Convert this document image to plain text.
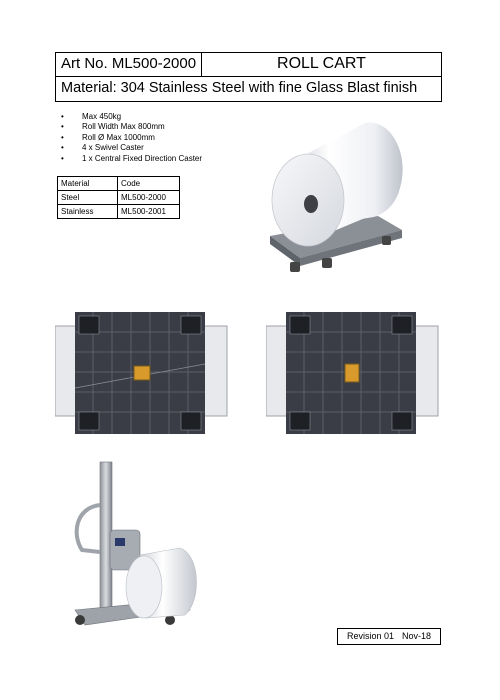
Art No. ML500-2000	ROLL CART
Material: 304 Stainless Steel with fine Glass Blast finish
• Max 450kg
• Roll Width Max 800mm
• Roll Ø Max 1000mm
• 4 x Swivel Caster
• 1 x Central Fixed Direction Caster
Material	Code
Steel	ML500-2000
Stainless	ML500-2001
Revision 01 Nov-18
